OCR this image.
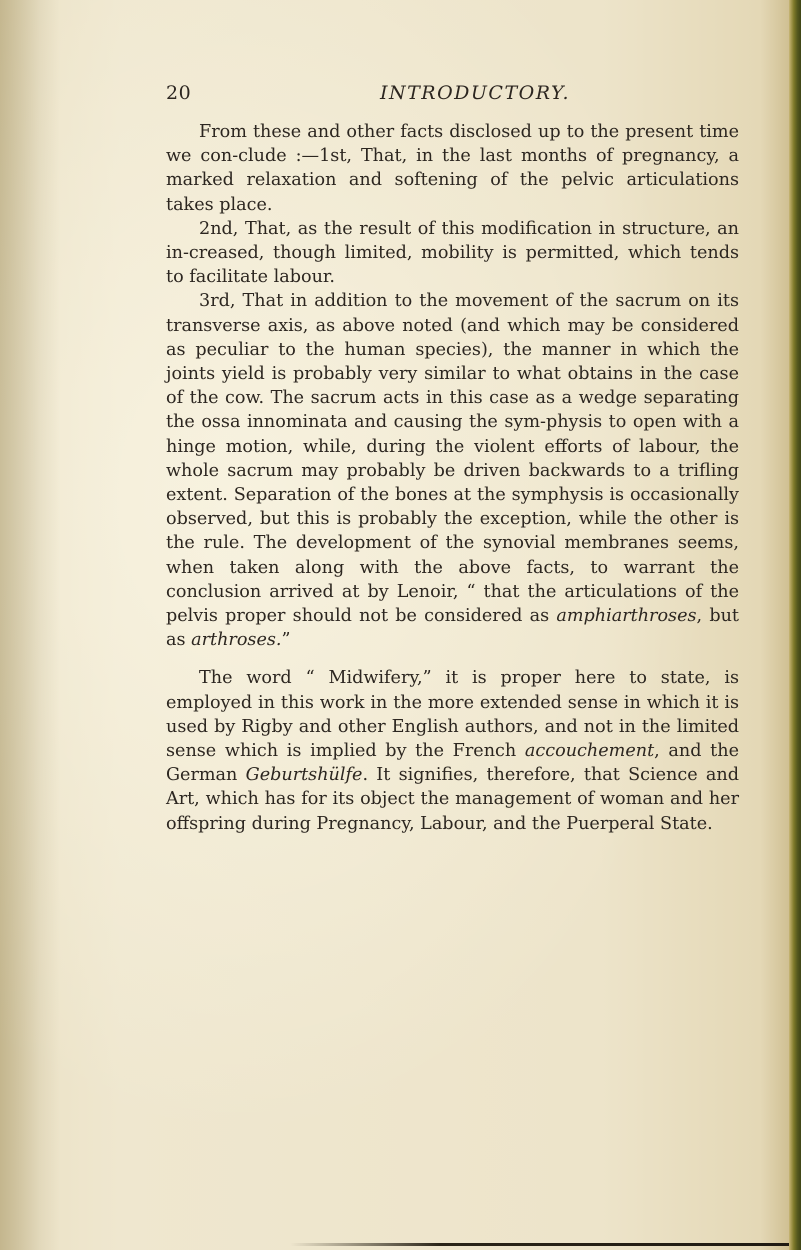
20	INTRODUCTORY.

From these and other facts disclosed up to the present time we con-clude :—1st, That, in the last months of pregnancy, a marked relaxation and softening of the pelvic articulations takes place.

2nd, That, as the result of this modification in structure, an in-creased, though limited, mobility is permitted, which tends to facilitate labour.

3rd, That in addition to the movement of the sacrum on its transverse axis, as above noted (and which may be considered as peculiar to the human species), the manner in which the joints yield is probably very similar to what obtains in the case of the cow. The sacrum acts in this case as a wedge separating the ossa innominata and causing the sym-physis to open with a hinge motion, while, during the violent efforts of labour, the whole sacrum may probably be driven backwards to a trifling extent. Separation of the bones at the symphysis is occasionally observed, but this is probably the exception, while the other is the rule. The development of the synovial membranes seems, when taken along with the above facts, to warrant the conclusion arrived at by Lenoir, “ that the articulations of the pelvis proper should not be considered as amphiarthroses, but as arthroses.”

The word “ Midwifery,” it is proper here to state, is employed in this work in the more extended sense in which it is used by Rigby and other English authors, and not in the limited sense which is implied by the French accouchement, and the German Geburtshülfe. It signifies, therefore, that Science and Art, which has for its object the management of woman and her offspring during Pregnancy, Labour, and the Puerperal State.
